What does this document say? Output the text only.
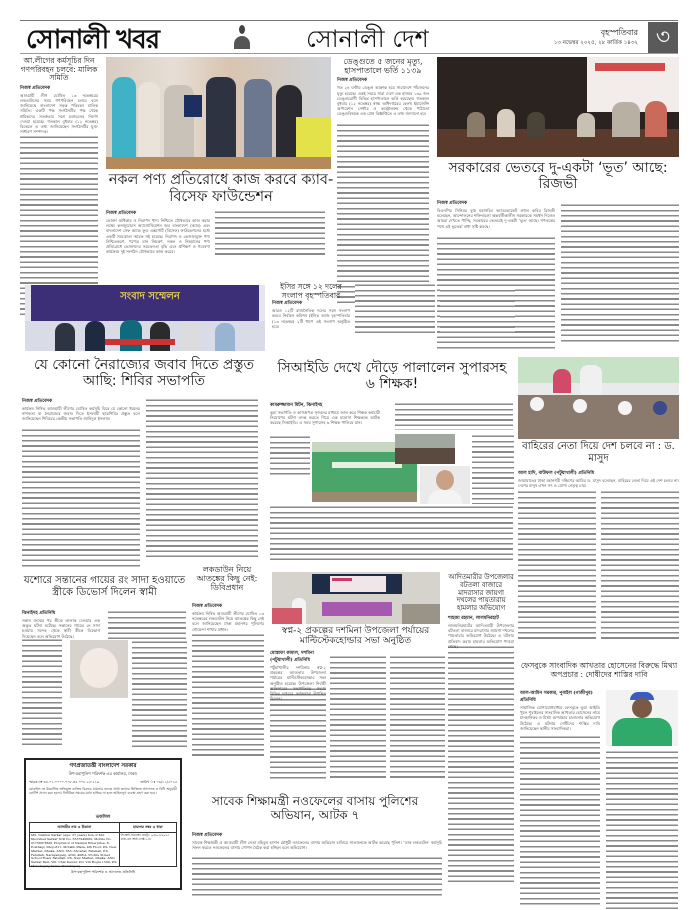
সোনালী খবর	সোনালী দেশ	বৃহস্পতিবার
১৩ নভেম্বর ২০২৫, ২৮ কার্তিক ১৪৩২ ৩
আ.লীগের কর্মসূচির দিন গণপরিবহন চলবে: মালিক সমিতি
নিজস্ব প্রতিবেদক
আওয়ামী লীগ ঘোষিত ১৩ নভেম্বরের লকডাউনের সময় গণপরিবহন চলবে বলে জানিয়েছে বাংলাদেশ সড়ক পরিবহন মালিক সমিতি। একটি পক্ষ সংগঠনটির পক্ষ থেকে শ্রমিকদের সতর্কতার সঙ্গে চলাচলের নির্দেশ দেওয়া হয়েছে। গতকাল বুধবার (১২ নভেম্বর) বিকেলে এ তথ্য জানিয়েছেন সংগঠনটির যুগ্ম-সাধারণ সম্পাদক।
নকল পণ্য প্রতিরোধে কাজ করবে ক্যাব-বিসেফ ফাউন্ডেশন
নিজস্ব প্রতিবেদক
ভোক্তা অধিকার ও নিরাপদ খাদ্য নিশ্চিতে যৌথভাবে কাজ করার লক্ষ্যে কনজ্যুমারস অ্যাসোসিয়েশন অব বাংলাদেশ (ক্যাব) এবং বাংলাদেশ সেফ অ্যান্ড ফুড এক্সপোর্ট (বিসেফ) ফাউন্ডেশনের মধ্যে একটি সমঝোতা স্মারক সই হয়েছে। নিরাপদ ও ভেজালমুক্ত পণ্য নিশ্চিতকরণ, পণ্যের মান নিয়ন্ত্রণ, নকল ও নিম্নমানের পণ্য প্রতিরোধে ভোক্তাদের সচেতনতা বৃদ্ধি এবং প্রশিক্ষণ ও গবেষণা কার্যক্রমে দুই সংগঠন যৌথভাবে কাজ করবে।
ডেঙ্গুতে ৫ জনের মৃত্যু, হাসপাতালে ভর্তি ১১৩৯
নিজস্ব প্রতিবেদক
গত ২৪ ঘণ্টায় ডেঙ্গু আক্রান্ত হয়ে সারাদেশে পাঁচজনের মৃত্যু হয়েছে। একই সময়ে সারা দেশে এক হাজার ১৩৯ জন ডেঙ্গুরোগী বিভিন্ন হাসপাতালে ভর্তি হয়েছেন। গতকাল বুধবার (১২ নভেম্বর) স্বাস্থ্য অধিদপ্তরের হেলথ ইমার্জেন্সি অপারেশন সেন্টার ও কন্ট্রোলরুম থেকে পাঠানো ডেঙ্গুবিষয়ক এক প্রেস বিজ্ঞপ্তিতে এ তথ্য জানানো হয়।
সরকারের ভেতরে দু-একটা ‘ভূত’ আছে: রিজভী
নিজস্ব প্রতিবেদক
বিএনপির সিনিয়র যুগ্ম মহাসচিব অ্যাডভোকেট রুহুল কবির রিজভী বলেছেন, আন্দোলনের শক্তিগুলো অন্তর্বর্তীকালীন সরকারকে সমর্থন দিলেও আমরা দেখতে পাচ্ছি, সরকারের ভেতরেই দু-একটা ‘ভূত’ আছে। গণতন্ত্রের পথে এই ভূতেরা বাধা সৃষ্টি করছে।
সংবাদ সম্মেলন
ইসির সঙ্গে ১২ দলের সংলাপ বৃহস্পতিবার
নিজস্ব প্রতিবেদক
আরও ১২টি রাজনৈতিক দলের সঙ্গে সংলাপ করবে নির্বাচন কমিশন (ইসি)। আজ বৃহস্পতিবার (১৩ নভেম্বর) ২টি ধাপে এই সংলাপ অনুষ্ঠিত হবে।
যে কোনো নৈরাজ্যের জবাব দিতে প্রস্তুত আছি: শিবির সভাপতি
নিজস্ব প্রতিবেদক
কার্যক্রম নিষিদ্ধ আওয়ামী লীগের ঘোষিত কর্মসূচি ঘিরে যে কোনো ধরনের নাশকতা বা নৈরাজ্যের জবাব দিতে ইসলামী ছাত্রশিবির প্রস্তুত বলে জানিয়েছেন শিবিরের কেন্দ্রীয় সভাপতি জাহিদুল ইসলাম।
সিআইডি দেখে দৌড়ে পালালেন সুপারসহ ৬ শিক্ষক!
কামরুজ্জামান মিটন, ঝিনাইদহ
ভুয়া সভাপতি ও কাগজপত্র সৃজনের মাধ্যমে জাল করে শিক্ষক কর্মচারী নিয়োগের ঘটনা তদন্ত করতে গিয়ে এক মাদ্রাসা শিক্ষককে আটক করেছে সিআইডি। এ সময় সুপারসহ ৬ শিক্ষক পালিয়ে যান।
বাহিরের নেতা দিয়ে দেশ চলবে না : ড. মাসুদ
আল হাদি, বাউফল (পটুয়াখালী) প্রতিনিধি
জামায়াতের ঢাকা মহানগরী দক্ষিণের আমির ড. মাসুদ বলেছেন, বাহিরের নেতা দিয়ে এই দেশ চলবে না। দেশের মানুষ এখন সৎ ও যোগ্য নেতৃত্ব চায়।
যশোরে সন্তানের গায়ের রং সাদা হওয়াতে স্ত্রীকে ডিভোর্স দিলেন স্বামী
ঝিনাইদহ প্রতিনিধি
সন্তান জন্মের পর স্ত্রীকে তালাক দেওয়ার এক অদ্ভুত ঘটনা ঘটেছে। সন্তানের গায়ের রং সাদা হওয়ায় সন্দেহ থেকে স্বামী স্ত্রীকে ডিভোর্স দিয়েছেন বলে অভিযোগ উঠেছে।
লকডাউন নিয়ে আতঙ্কের কিছু নেই: ডিবিপ্রধান
নিজস্ব প্রতিবেদক
কার্যক্রম নিষিদ্ধ আওয়ামী লীগের ঘোষিত ১৩ নভেম্বরের লকডাউন নিয়ে আতঙ্কের কিছু নেই বলে জানিয়েছেন ঢাকা মহানগর পুলিশের গোয়েন্দা শাখার প্রধান।	স্বপ্ন-২ প্রকল্পের দশমিনা উপজেলা পর্যায়ের মাল্টিস্টেকহোল্ডার সভা অনুষ্ঠিত
মোস্তাফা কামাল, দশমিনা (পটুয়াখালী) প্রতিনিধি
পটুয়াখালীর দশমিনায় স্বপ্ন-২ প্রকল্পের আওতায় উপজেলা পর্যায়ের মাল্টিস্টেকহোল্ডার সভা অনুষ্ঠিত হয়েছে। উপজেলা নির্বাহী অফিসারের সভাপতিত্বে সভায় বিভিন্ন দপ্তরের কর্মকর্তারা উপস্থিত ছিলেন।
আদিতমারীর উপজেলার বটতলা বাজারে মাদরাসার জায়গা দখলের পায়তারায় হামলার অভিযোগ
শাহজা রহমান, লালমনিরহাট
লালমনিরহাটের আদিতমারী উপজেলার বটতলা বাজারে মাদরাসার জায়গা দখলের পায়তারার অভিযোগ উঠেছে। এ ঘটনায় প্রতিবাদ করায় হামলার অভিযোগ পাওয়া গেছে।
ফেসবুকে সাংবাদিক আখতার হোসেনের বিরুদ্ধে মিথ্যা অপপ্রচার : দোষীদের শাস্তির দাবি
আল-আমিন সরকার, পুবাইল (গাজীপুর) প্রতিনিধি
সামাজিক যোগাযোগমাধ্যম ফেসবুকে ভুয়া আইডি খুলে পুবাইলের সাংবাদিক আখতার হোসেনের নামে মানহানিকর ও মিথ্যা অপপ্রচার চালানোর অভিযোগ উঠেছে। এ ঘটনায় দোষীদের শাস্তির দাবি জানিয়েছেন স্থানীয় সাংবাদিকরা।
গণপ্রজাতন্ত্রী বাংলাদেশ সরকার
উপ-মহাপুলিশ পরিদর্শক এর কার্যালয়, ঢাকা।
স্মারক নং-৪৪.০১.০০০০.০০৮.৩৫.০০৮.২৫-২১৯	তারিখ ঃ ০৯/১১/২০২৫
মোবাইল নং উল্লেখিত অভিযুক্ত ব্যক্তির বিরুদ্ধে মামলার তদন্তে প্রাপ্ত তথ্যের ভিত্তিতে আদালত ও বিধি অনুযায়ী নোটিশ প্রদান করা হলো। নির্ধারিত সময়ের মধ্যে হাজির না হলে আইনানুগ ব্যবস্থা গ্রহণ করা হবে।
তফসিল
আসামীর নাম ও ঠিকানা	মামলার নম্বর ও ধারা
Md. Nazmul Sarkar (Age: 37 years) Son of Md. Khorshed Sarkar NID No. 5537940060, Mobile No. 01758978691 Proprietor of Nazmul Enterprise, 8, Posthagi, Shop-811, Motalib Plaza, 4th Floor, P.S. New Market, Dhaka. AND, 653, Showtar, Fatullah, P.S. Fatullah, Narayanganj. AND, 408/A, Profire Street School Road, Fatullah, P.S. New Market, Dhaka. AND Sarkar Bari, Vill: Char Kewar, P.O. Vill Hogla 1500, P.S. Munshiganj Sadar, Munshiganj.
সি.আই.ডি/ঢাকা মেট্রো: ০৩/০১/২০২৫ ধারা-এন.আই.এ্যাক্ট-১৩৮
উপ-মহাপুলিশ পরিদর্শক ও আদালত প্রতিনিধি
সাবেক শিক্ষামন্ত্রী নওফেলের বাসায় পুলিশের অভিযান, আটক ৭
নিজস্ব প্রতিবেদক
সাবেক শিক্ষামন্ত্রী ও আওয়ামী লীগ নেতা মহিবুল হাসান চৌধুরী নওফেলের বাসায় অভিযান চালিয়ে সাতজনকে আটক করেছে পুলিশ। ‘ডাক লকডাউন’ কর্মসূচি সফল করতে নওফেলের বাসায় গোপন বৈঠক করা হচ্ছিল বলে অভিযোগ।
